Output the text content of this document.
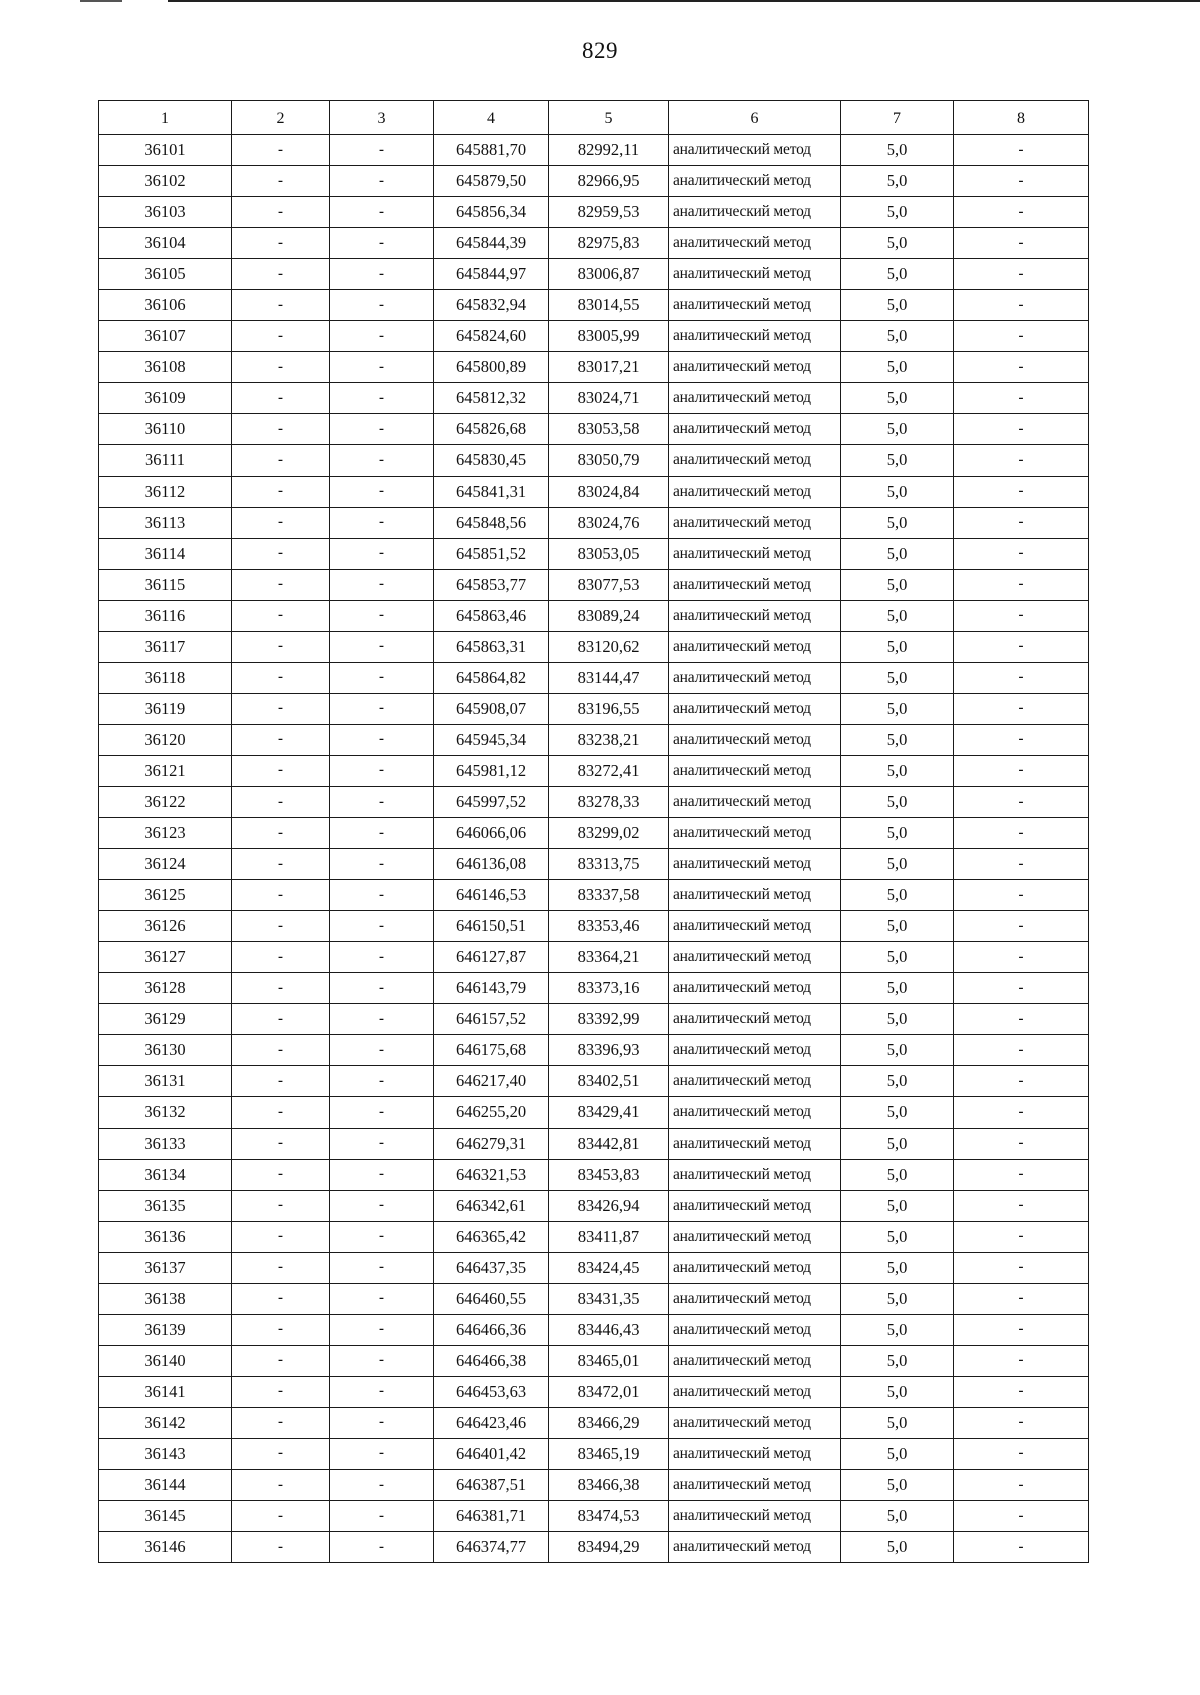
829
1	2	3	4	5	6	7	8
36101	-	-	645881,70	82992,11	аналитический метод	5,0	-
36102	-	-	645879,50	82966,95	аналитический метод	5,0	-
36103	-	-	645856,34	82959,53	аналитический метод	5,0	-
36104	-	-	645844,39	82975,83	аналитический метод	5,0	-
36105	-	-	645844,97	83006,87	аналитический метод	5,0	-
36106	-	-	645832,94	83014,55	аналитический метод	5,0	-
36107	-	-	645824,60	83005,99	аналитический метод	5,0	-
36108	-	-	645800,89	83017,21	аналитический метод	5,0	-
36109	-	-	645812,32	83024,71	аналитический метод	5,0	-
36110	-	-	645826,68	83053,58	аналитический метод	5,0	-
36111	-	-	645830,45	83050,79	аналитический метод	5,0	-
36112	-	-	645841,31	83024,84	аналитический метод	5,0	-
36113	-	-	645848,56	83024,76	аналитический метод	5,0	-
36114	-	-	645851,52	83053,05	аналитический метод	5,0	-
36115	-	-	645853,77	83077,53	аналитический метод	5,0	-
36116	-	-	645863,46	83089,24	аналитический метод	5,0	-
36117	-	-	645863,31	83120,62	аналитический метод	5,0	-
36118	-	-	645864,82	83144,47	аналитический метод	5,0	-
36119	-	-	645908,07	83196,55	аналитический метод	5,0	-
36120	-	-	645945,34	83238,21	аналитический метод	5,0	-
36121	-	-	645981,12	83272,41	аналитический метод	5,0	-
36122	-	-	645997,52	83278,33	аналитический метод	5,0	-
36123	-	-	646066,06	83299,02	аналитический метод	5,0	-
36124	-	-	646136,08	83313,75	аналитический метод	5,0	-
36125	-	-	646146,53	83337,58	аналитический метод	5,0	-
36126	-	-	646150,51	83353,46	аналитический метод	5,0	-
36127	-	-	646127,87	83364,21	аналитический метод	5,0	-
36128	-	-	646143,79	83373,16	аналитический метод	5,0	-
36129	-	-	646157,52	83392,99	аналитический метод	5,0	-
36130	-	-	646175,68	83396,93	аналитический метод	5,0	-
36131	-	-	646217,40	83402,51	аналитический метод	5,0	-
36132	-	-	646255,20	83429,41	аналитический метод	5,0	-
36133	-	-	646279,31	83442,81	аналитический метод	5,0	-
36134	-	-	646321,53	83453,83	аналитический метод	5,0	-
36135	-	-	646342,61	83426,94	аналитический метод	5,0	-
36136	-	-	646365,42	83411,87	аналитический метод	5,0	-
36137	-	-	646437,35	83424,45	аналитический метод	5,0	-
36138	-	-	646460,55	83431,35	аналитический метод	5,0	-
36139	-	-	646466,36	83446,43	аналитический метод	5,0	-
36140	-	-	646466,38	83465,01	аналитический метод	5,0	-
36141	-	-	646453,63	83472,01	аналитический метод	5,0	-
36142	-	-	646423,46	83466,29	аналитический метод	5,0	-
36143	-	-	646401,42	83465,19	аналитический метод	5,0	-
36144	-	-	646387,51	83466,38	аналитический метод	5,0	-
36145	-	-	646381,71	83474,53	аналитический метод	5,0	-
36146	-	-	646374,77	83494,29	аналитический метод	5,0	-
